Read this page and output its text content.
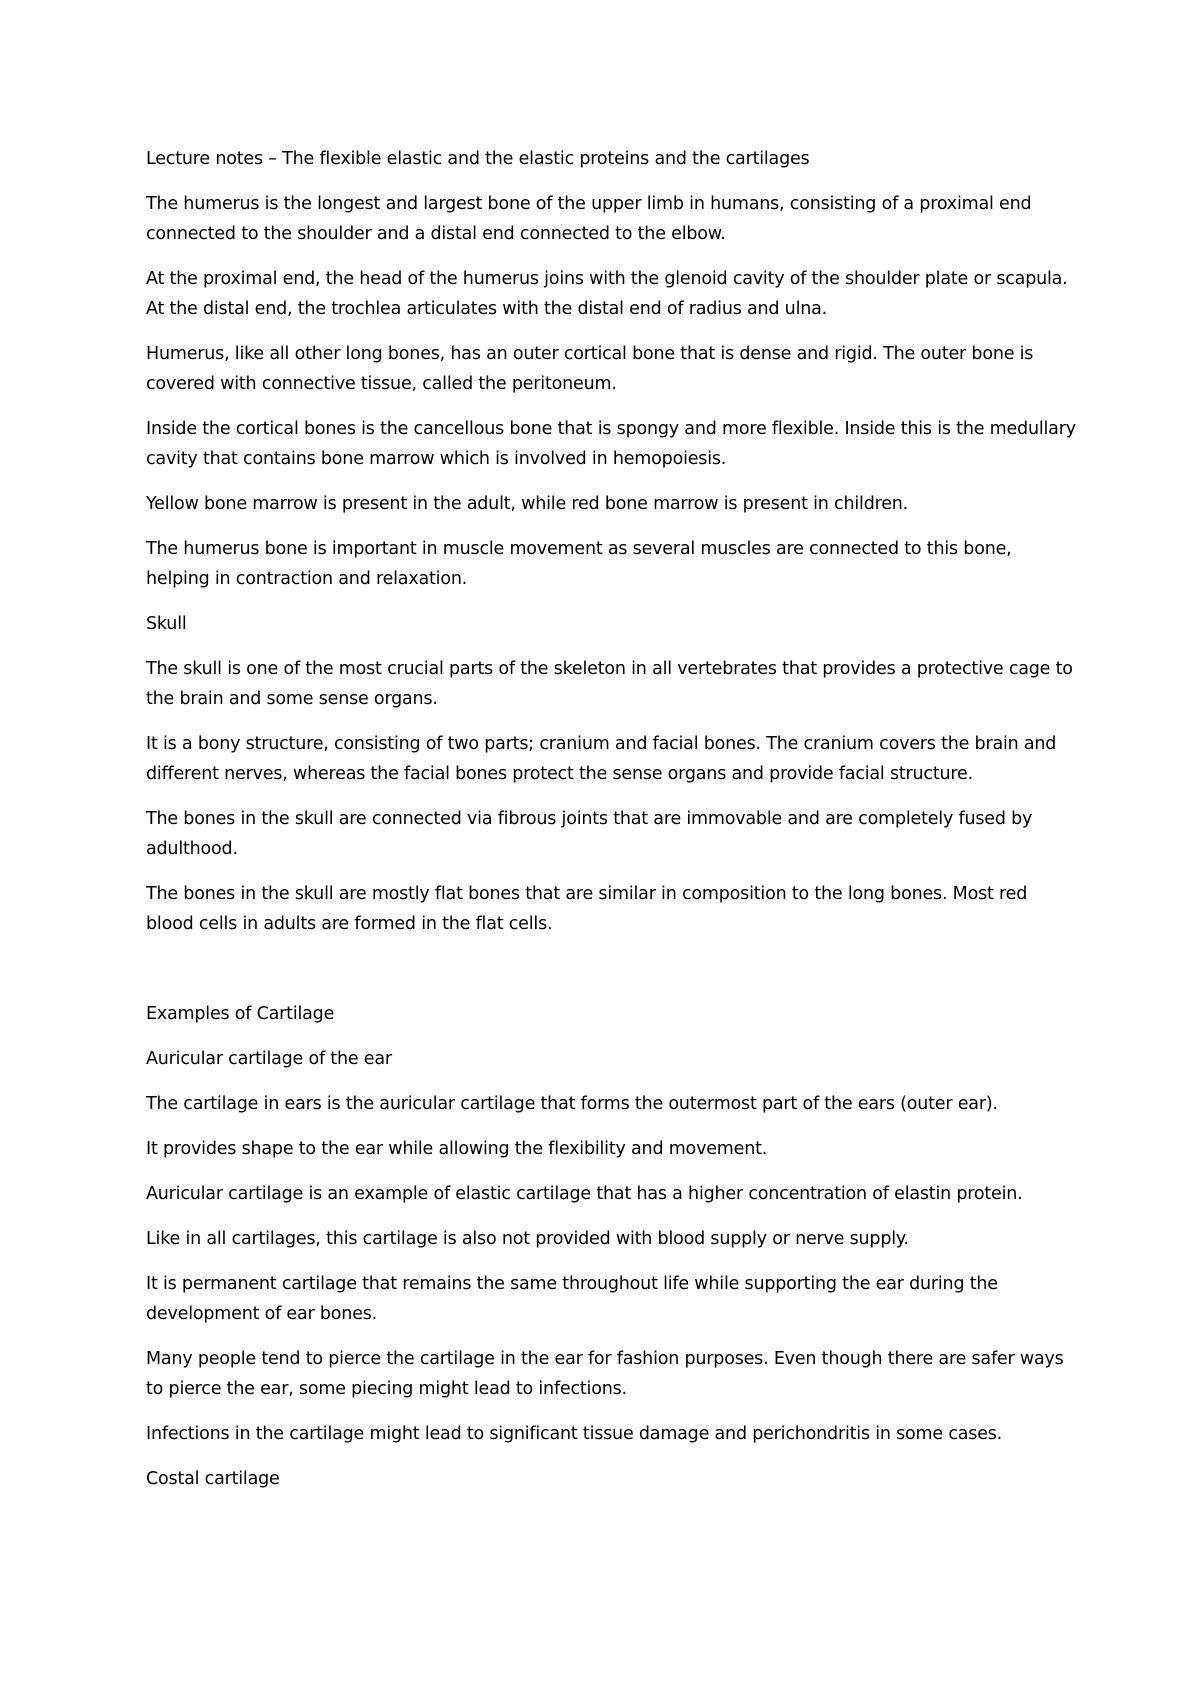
Lecture notes – The flexible elastic and the elastic proteins and the cartilages

The humerus is the longest and largest bone of the upper limb in humans, consisting of a proximal end connected to the shoulder and a distal end connected to the elbow.

At the proximal end, the head of the humerus joins with the glenoid cavity of the shoulder plate or scapula. At the distal end, the trochlea articulates with the distal end of radius and ulna.

Humerus, like all other long bones, has an outer cortical bone that is dense and rigid. The outer bone is covered with connective tissue, called the peritoneum.

Inside the cortical bones is the cancellous bone that is spongy and more flexible. Inside this is the medullary cavity that contains bone marrow which is involved in hemopoiesis.

Yellow bone marrow is present in the adult, while red bone marrow is present in children.

The humerus bone is important in muscle movement as several muscles are connected to this bone, helping in contraction and relaxation.

Skull

The skull is one of the most crucial parts of the skeleton in all vertebrates that provides a protective cage to the brain and some sense organs.

It is a bony structure, consisting of two parts; cranium and facial bones. The cranium covers the brain and different nerves, whereas the facial bones protect the sense organs and provide facial structure.

The bones in the skull are connected via fibrous joints that are immovable and are completely fused by adulthood.

The bones in the skull are mostly flat bones that are similar in composition to the long bones. Most red blood cells in adults are formed in the flat cells.

Examples of Cartilage

Auricular cartilage of the ear

The cartilage in ears is the auricular cartilage that forms the outermost part of the ears (outer ear).

It provides shape to the ear while allowing the flexibility and movement.

Auricular cartilage is an example of elastic cartilage that has a higher concentration of elastin protein.

Like in all cartilages, this cartilage is also not provided with blood supply or nerve supply.

It is permanent cartilage that remains the same throughout life while supporting the ear during the development of ear bones.

Many people tend to pierce the cartilage in the ear for fashion purposes. Even though there are safer ways to pierce the ear, some piecing might lead to infections.

Infections in the cartilage might lead to significant tissue damage and perichondritis in some cases.

Costal cartilage
